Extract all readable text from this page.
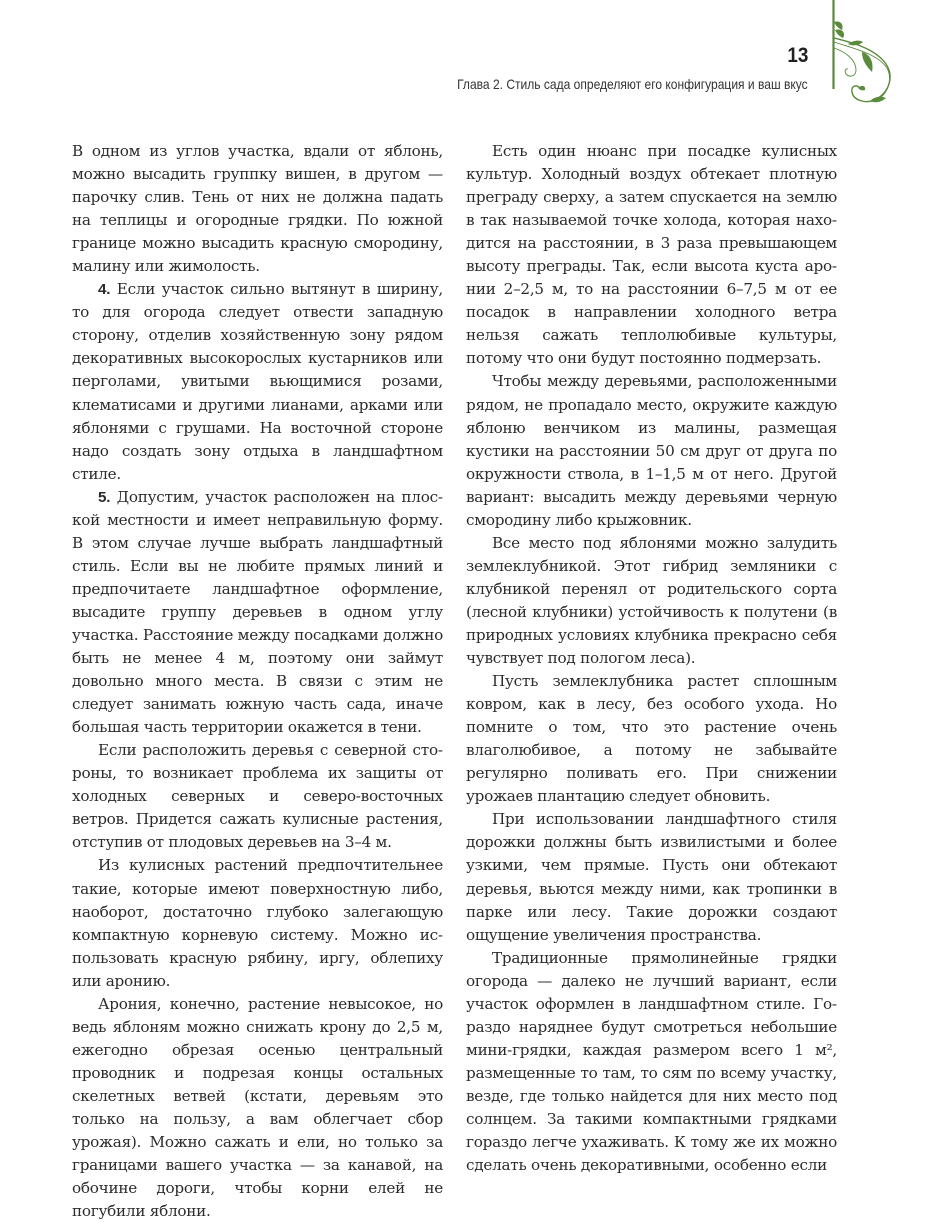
13
Глава 2. Стиль сада определяют его конфигурация и ваш вкус

В одном из углов участка, вдали от яблонь, можно высадить группку вишен, в другом — парочку слив. Тень от них не должна падать на теплицы и огородные грядки. По южной границе можно высадить красную смородину, малину или жимолость.

4. Если участок сильно вытянут в ширину, то для огорода следует отвести западную сторону, отделив хозяйственную зону рядом декоративных высокорослых кустарников или перголами, увитыми вьющимися розами, клематисами и другими лианами, арками или яблонями с грушами. На восточной стороне надо создать зону отдыха в ландшафтном стиле.

5. Допустим, участок расположен на плоской местности и имеет неправильную форму. В этом случае лучше выбрать ландшафтный стиль. Если вы не любите прямых линий и предпочитаете ландшафтное оформление, высадите группу деревьев в одном углу участка. Расстояние между посадками должно быть не менее 4 м, поэтому они займут довольно много места. В связи с этим не следует занимать южную часть сада, иначе большая часть территории окажется в тени.

Если расположить деревья с северной стороны, то возникает проблема их защиты от холодных северных и северо-восточных ветров. Придется сажать кулисные растения, отступив от плодовых деревьев на 3–4 м.

Из кулисных растений предпочтительнее такие, которые имеют поверхностную либо, наоборот, достаточно глубоко залегающую компактную корневую систему. Можно использовать красную рябину, иргу, облепиху или аронию.

Арония, конечно, растение невысокое, но ведь яблоням можно снижать крону до 2,5 м, ежегодно обрезая осенью центральный проводник и подрезая концы остальных скелетных ветвей (кстати, деревьям это только на пользу, а вам облегчает сбор урожая). Можно сажать и ели, но только за границами вашего участка — за канавой, на обочине дороги, чтобы корни елей не погубили яблони.

Есть один нюанс при посадке кулисных культур. Холодный воздух обтекает плотную преграду сверху, а затем спускается на землю в так называемой точке холода, которая находится на расстоянии, в 3 раза превышающем высоту преграды. Так, если высота куста аронии 2–2,5 м, то на расстоянии 6–7,5 м от ее посадок в направлении холодного ветра нельзя сажать теплолюбивые культуры, потому что они будут постоянно подмерзать.

Чтобы между деревьями, расположенными рядом, не пропадало место, окружите каждую яблоню венчиком из малины, размещая кустики на расстоянии 50 см друг от друга по окружности ствола, в 1–1,5 м от него. Другой вариант: высадить между деревьями черную смородину либо крыжовник.

Все место под яблонями можно залудить землеклубникой. Этот гибрид земляники с клубникой перенял от родительского сорта (лесной клубники) устойчивость к полутени (в природных условиях клубника прекрасно себя чувствует под пологом леса).

Пусть землеклубника растет сплошным ковром, как в лесу, без особого ухода. Но помните о том, что это растение очень влаголюбивое, а потому не забывайте регулярно поливать его. При снижении урожаев плантацию следует обновить.

При использовании ландшафтного стиля дорожки должны быть извилистыми и более узкими, чем прямые. Пусть они обтекают деревья, вьются между ними, как тропинки в парке или лесу. Такие дорожки создают ощущение увеличения пространства.

Традиционные прямолинейные грядки огорода — далеко не лучший вариант, если участок оформлен в ландшафтном стиле. Гораздо наряднее будут смотреться небольшие мини-грядки, каждая размером всего 1 м², размещенные то там, то сям по всему участку, везде, где только найдется для них место под солнцем. За такими компактными грядками гораздо легче ухаживать. К тому же их можно сделать очень декоративными, особенно если
